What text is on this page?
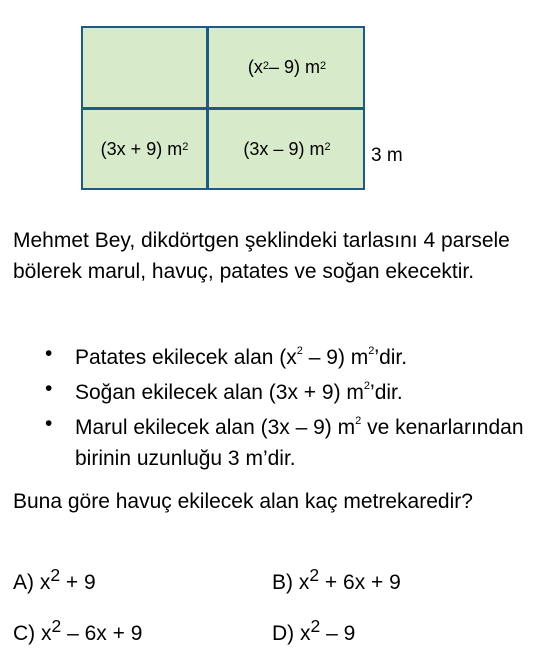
$(x^2 - 9)$ $m^2$
(3x + 9) $m^2$	(3x – 9) $m^2$ 3 m
Mehmet Bey, dikdörtgen şeklindeki tarlasını 4 parsele bölerek marul, havuç, patates ve soğan ekecektir.
•	Patates ekilecek alan $(x^2 - 9)$ $m^2’dir$.
•	Soğan ekilecek alan (3x + 9) $m^2’dir$.
•	Marul ekilecek alan (3x – 9) $m^2$ ve kenarlarından birinin uzunluğu 3 m’dir.
Buna göre havuç ekilecek alan kaç metrekaredir?
A) $x^2 + 9$	B) $x^2 + 6x + 9$
C) $x^2 - 6x + 9$	D) $x^2 - 9$
